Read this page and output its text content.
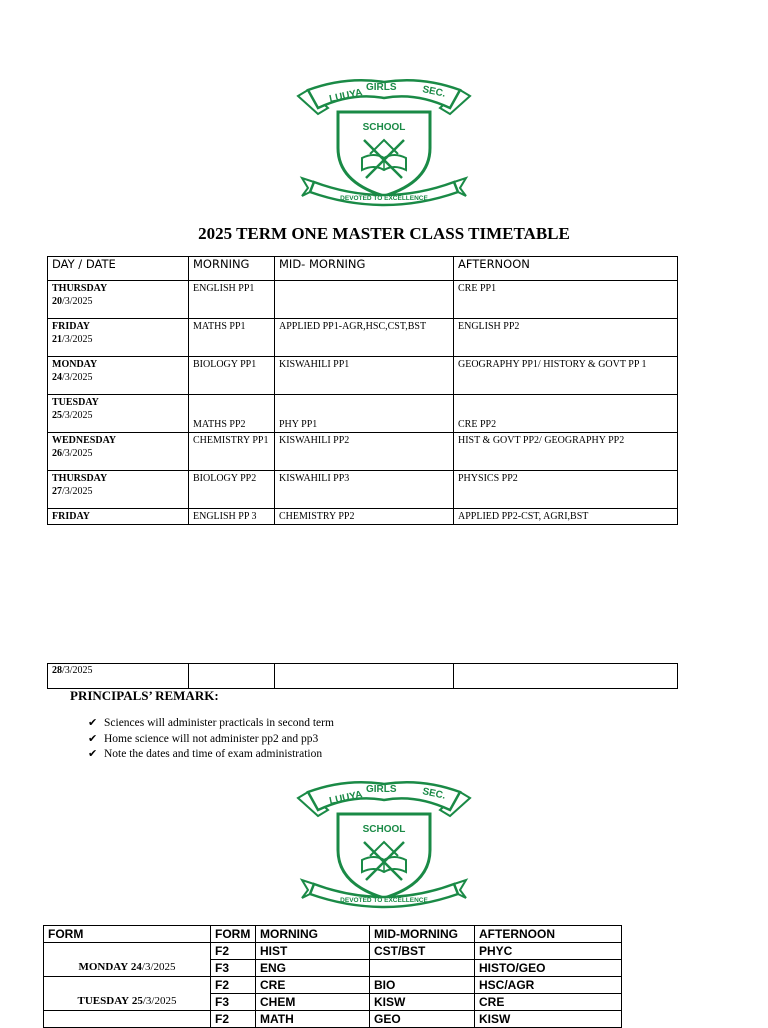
LUUYA GIRLS SEC.
SCHOOL
DEVOTED TO EXCELLENCE
2025 TERM ONE MASTER CLASS TIMETABLE
DAY / DATE	MORNING	MID- MORNING	AFTERNOON
THURSDAY
20/3/2025	ENGLISH PP1		CRE PP1
FRIDAY
21/3/2025	MATHS PP1	APPLIED PP1-AGR,HSC,CST,BST	ENGLISH PP2
MONDAY
24/3/2025	BIOLOGY PP1	KISWAHILI PP1	GEOGRAPHY PP1/ HISTORY & GOVT PP 1
TUESDAY
25/3/2025	MATHS PP2	PHY PP1	CRE PP2
WEDNESDAY
26/3/2025	CHEMISTRY PP1	KISWAHILI PP2	HIST & GOVT PP2/ GEOGRAPHY PP2
THURSDAY
27/3/2025	BIOLOGY PP2	KISWAHILI PP3	PHYSICS PP2
FRIDAY	ENGLISH PP 3	CHEMISTRY PP2	APPLIED PP2-CST, AGRI,BST
28/3/2025			
PRINCIPALS’ REMARK:
✔ Sciences will administer practicals in second term
✔ Home science will not administer pp2 and pp3
✔ Note the dates and time of exam administration
LUUYA GIRLS SEC.
SCHOOL
DEVOTED TO EXCELLENCE
FORM	FORM	MORNING	MID-MORNING	AFTERNOON
MONDAY 24/3/2025	F2	HIST	CST/BST	PHYC
	F3	ENG		HISTO/GEO
TUESDAY 25/3/2025	F2	CRE	BIO	HSC/AGR
	F3	CHEM	KISW	CRE
	F2	MATH	GEO	KISW
